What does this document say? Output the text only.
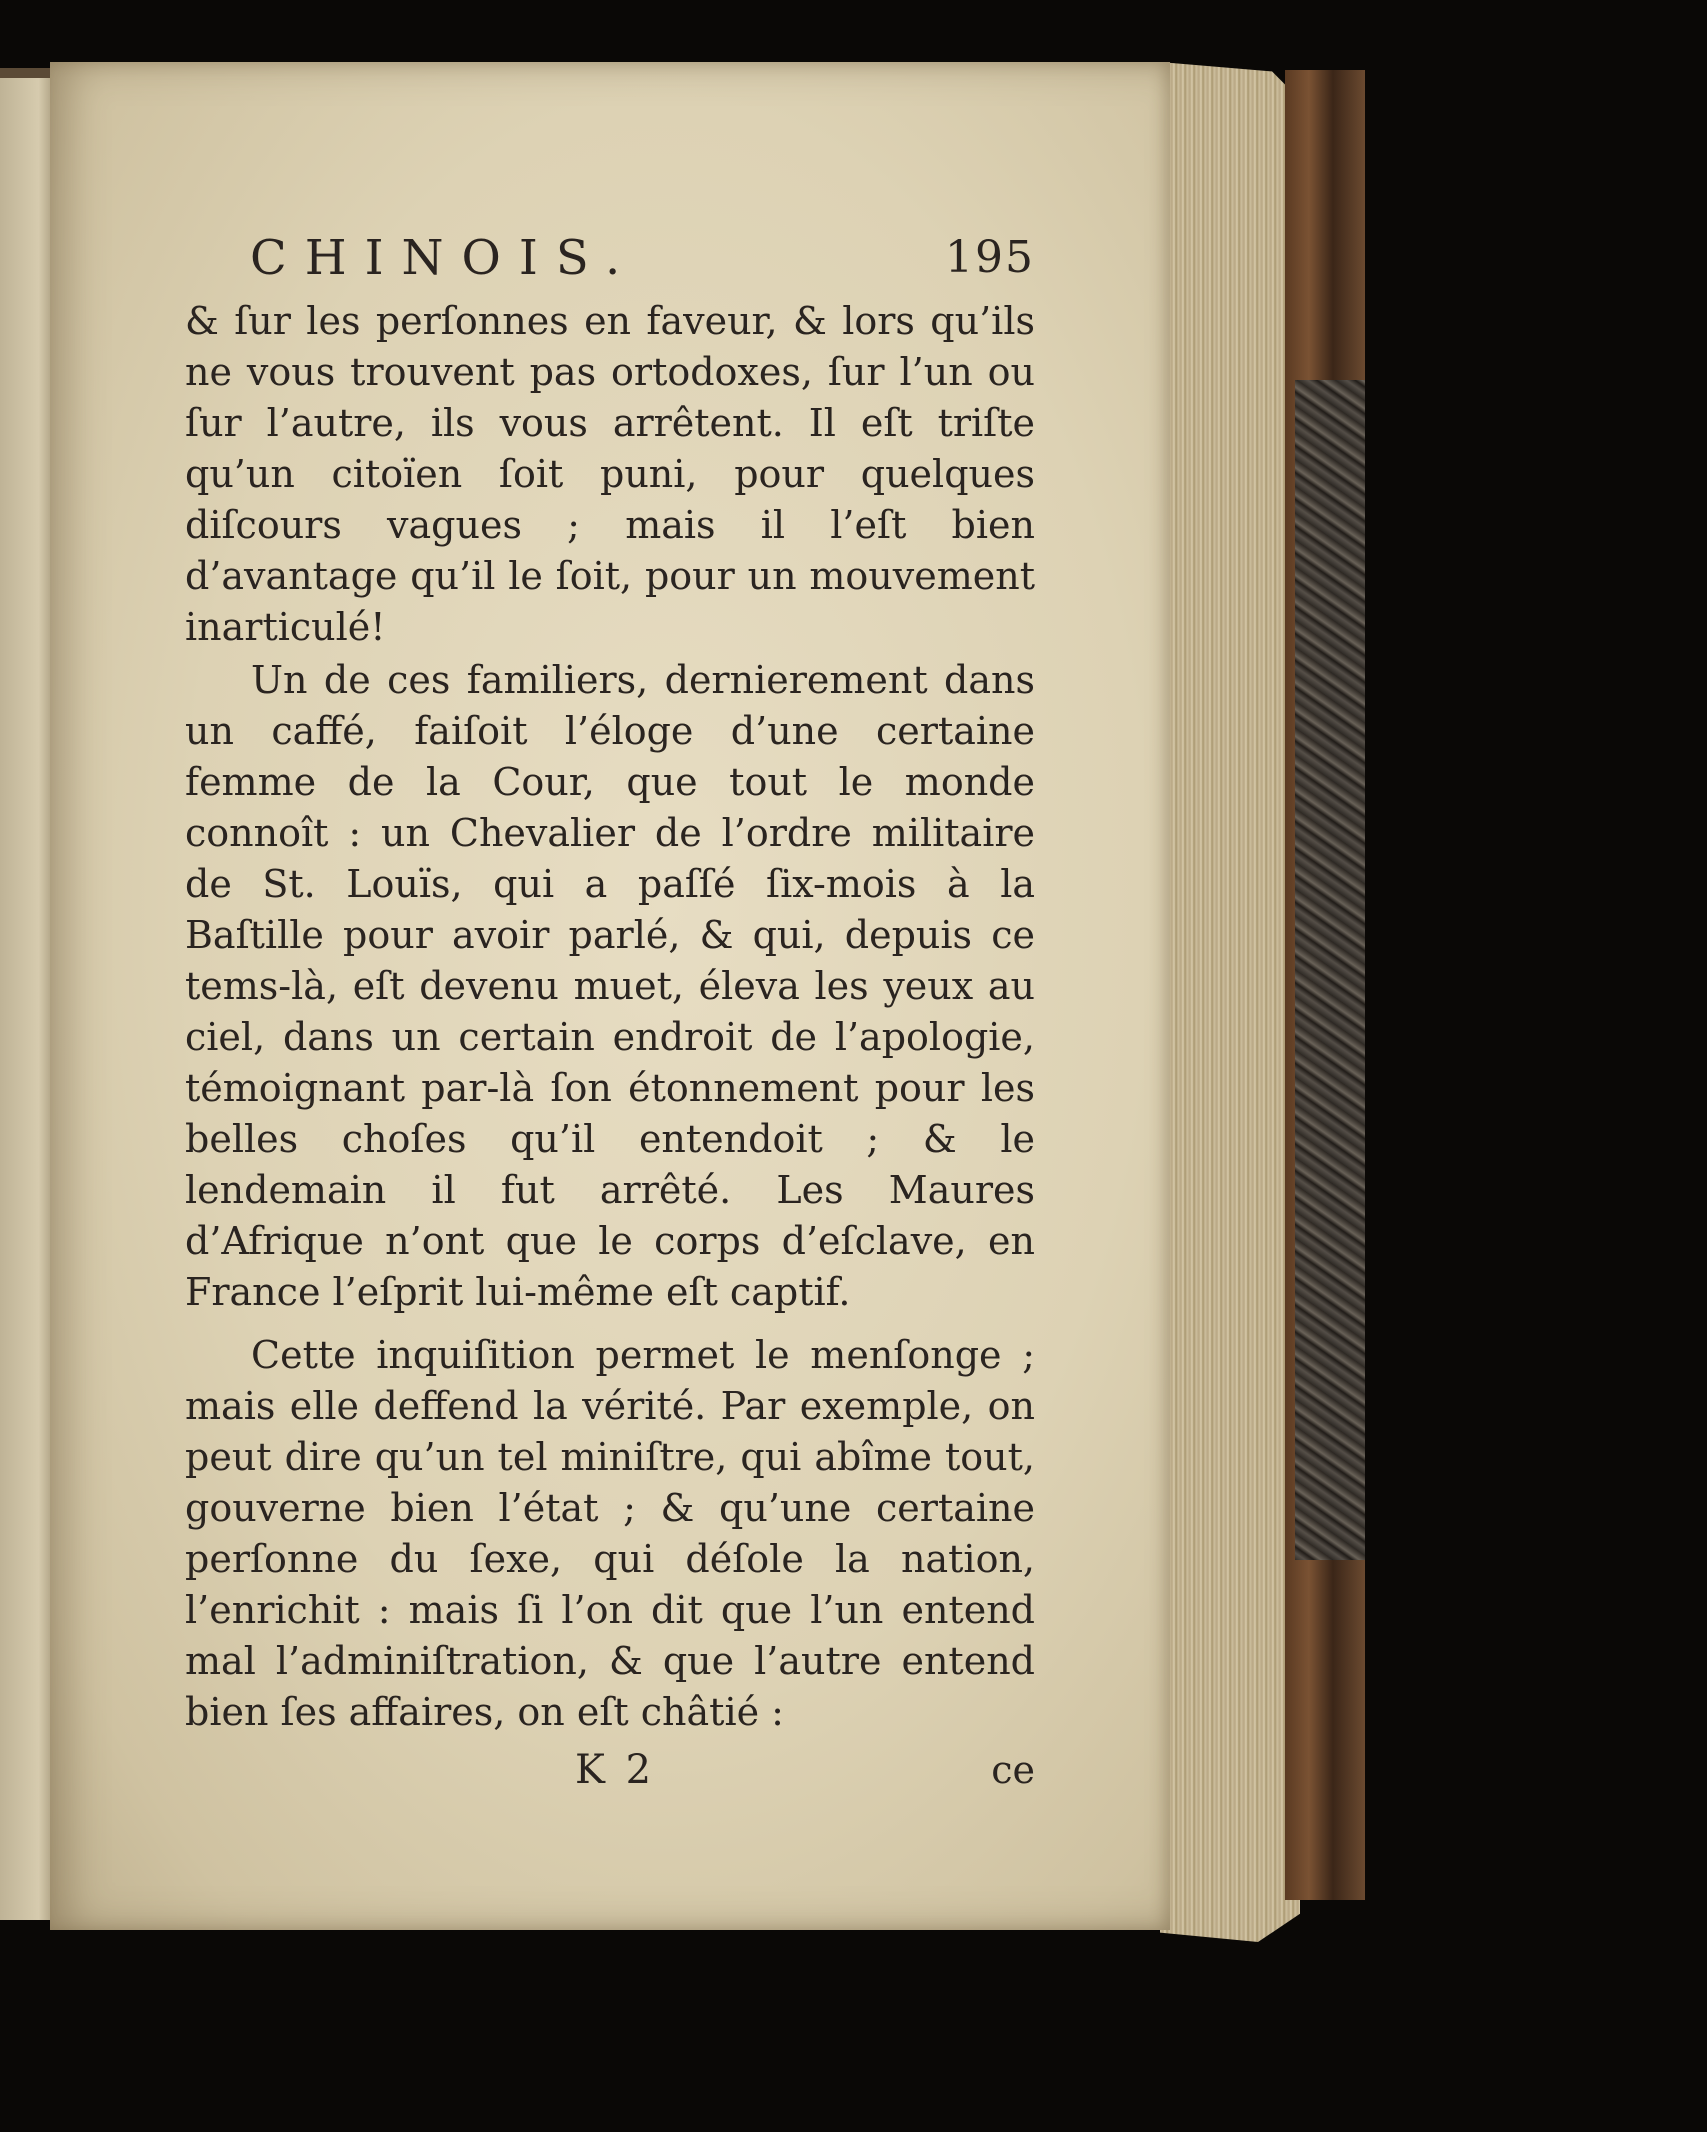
CHINOIS.	195

& ſur les perſonnes en faveur, & lors qu’ils ne vous trouvent pas ortodoxes, ſur l’un ou ſur l’autre, ils vous arrêtent. Il eſt triſte qu’un citoïen ſoit puni, pour quelques diſcours vagues ; mais il l’eſt bien d’avantage qu’il le ſoit, pour un mouvement inarticulé!

Un de ces familiers, dernierement dans un caffé, faiſoit l’éloge d’une certaine femme de la Cour, que tout le monde connoît : un Chevalier de l’ordre militaire de St. Louïs, qui a paſſé ſix-mois à la Baſtille pour avoir parlé, & qui, depuis ce tems-là, eſt devenu muet, éleva les yeux au ciel, dans un certain endroit de l’apologie, témoignant par-là ſon étonnement pour les belles choſes qu’il entendoit ; & le lendemain il fut arrêté. Les Maures d’Afrique n’ont que le corps d’eſclave, en France l’eſprit lui-même eſt captif.

Cette inquiſition permet le menſonge ; mais elle deffend la vérité. Par exemple, on peut dire qu’un tel miniſtre, qui abîme tout, gouverne bien l’état ; & qu’une certaine perſonne du ſexe, qui déſole la nation, l’enrichit : mais ſi l’on dit que l’un entend mal l’adminiſtration, & que l’autre entend bien ſes affaires, on eſt châtié :

K 2	ce
